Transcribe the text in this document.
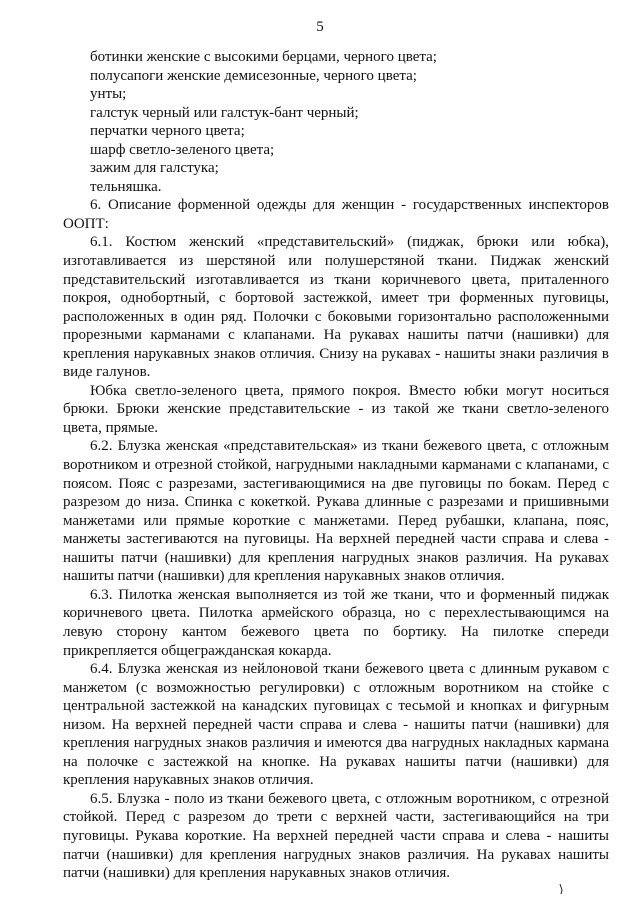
5

ботинки женские с высокими берцами, черного цвета;

полусапоги женские демисезонные, черного цвета;

унты;

галстук черный или галстук-бант черный;

перчатки черного цвета;

шарф светло-зеленого цвета;

зажим для галстука;

тельняшка.

6. Описание форменной одежды для женщин - государственных инспекторов ООПТ:

6.1. Костюм женский «представительский» (пиджак, брюки или юбка), изготавливается из шерстяной или полушерстяной ткани. Пиджак женский представительский изготавливается из ткани коричневого цвета, приталенного покроя, однобортный, с бортовой застежкой, имеет три форменных пуговицы, расположенных в один ряд. Полочки с боковыми горизонтально расположенными прорезными карманами с клапанами. На рукавах нашиты патчи (нашивки) для крепления нарукавных знаков отличия. Снизу на рукавах - нашиты знаки различия в виде галунов.

Юбка светло-зеленого цвета, прямого покроя. Вместо юбки могут носиться брюки. Брюки женские представительские - из такой же ткани светло-зеленого цвета, прямые.

6.2. Блузка женская «представительская» из ткани бежевого цвета, с отложным воротником и отрезной стойкой, нагрудными накладными карманами с клапанами, с поясом. Пояс с разрезами, застегивающимися на две пуговицы по бокам. Перед с разрезом до низа. Спинка с кокеткой. Рукава длинные с разрезами и пришивными манжетами или прямые короткие с манжетами. Перед рубашки, клапана, пояс, манжеты застегиваются на пуговицы. На верхней передней части справа и слева - нашиты патчи (нашивки) для крепления нагрудных знаков различия. На рукавах нашиты патчи (нашивки) для крепления нарукавных знаков отличия.

6.3. Пилотка женская выполняется из той же ткани, что и форменный пиджак коричневого цвета. Пилотка армейского образца, но с перехлестывающимся на левую сторону кантом бежевого цвета по бортику. На пилотке спереди прикрепляется общегражданская кокарда.

6.4. Блузка женская из нейлоновой ткани бежевого цвета с длинным рукавом с манжетом (с возможностью регулировки) с отложным воротником на стойке с центральной застежкой на канадских пуговицах с тесьмой и кнопках и фигурным низом. На верхней передней части справа и слева - нашиты патчи (нашивки) для крепления нагрудных знаков различия и имеются два нагрудных накладных кармана на полочке с застежкой на кнопке. На рукавах нашиты патчи (нашивки) для крепления нарукавных знаков отличия.

6.5. Блузка - поло из ткани бежевого цвета, с отложным воротником, с отрезной стойкой. Перед с разрезом до трети с верхней части, застегивающийся на три пуговицы. Рукава короткие. На верхней передней части справа и слева - нашиты патчи (нашивки) для крепления нагрудных знаков различия. На рукавах нашиты патчи (нашивки) для крепления нарукавных знаков отличия.
